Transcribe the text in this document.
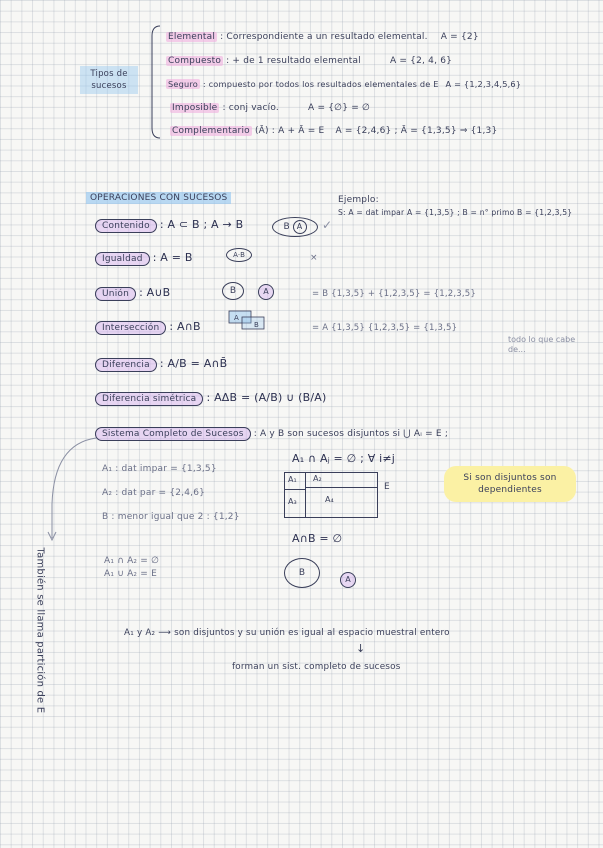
Tipos de sucesos
Elemental : Correspondiente a un resultado elemental. A = {2}
Compuesto : + de 1 resultado elemental	A = {2, 4, 6}
Seguro : compuesto por todos los resultados elementales de E A = {1,2,3,4,5,6}
Imposible : conj vacío.	A = {∅} = ∅
Complementario (Ā) : A + Ā = E A = {2,4,6} ; Ā = {1,3,5} ⇒ {1,3}
OPERACIONES CON SUCESOS	Ejemplo:
S: A = dat impar A = {1,3,5} ; B = n° primo B = {1,2,3,5}
Contenido : A ⊂ B ; A → B	B A	✓
Igualdad : A = B	A·B	×
Unión : A∪B	B	A	= B {1,3,5} + {1,2,3,5} = {1,2,3,5}
Intersección : A∩B
A
B	= A {1,3,5} {1,2,3,5} = {1,3,5}
todo lo que cabe de...
Diferencia : A/B = A∩B̄
Diferencia simétrica : AΔB = (A/B) ∪ (B/A)
Sistema Completo de Sucesos : A y B son sucesos disjuntos si ⋃ Aᵢ = E ;
A₁ ∩ Aⱼ = ∅ ; ∀ i≠j
A₁ : dat impar = {1,3,5}
A₂ : dat par = {2,4,6}
B : menor igual que 2 : {1,2}
A₁ A₂
A₃	A₄
E
Si son disjuntos son dependientes
A∩B = ∅
A₁ ∩ A₂ = ∅
A₁ ∪ A₂ = E	B
A
También se llama partición de E	A₁ y A₂ ⟶ son disjuntos y su unión es igual al espacio muestral entero
↓
forman un sist. completo de sucesos
